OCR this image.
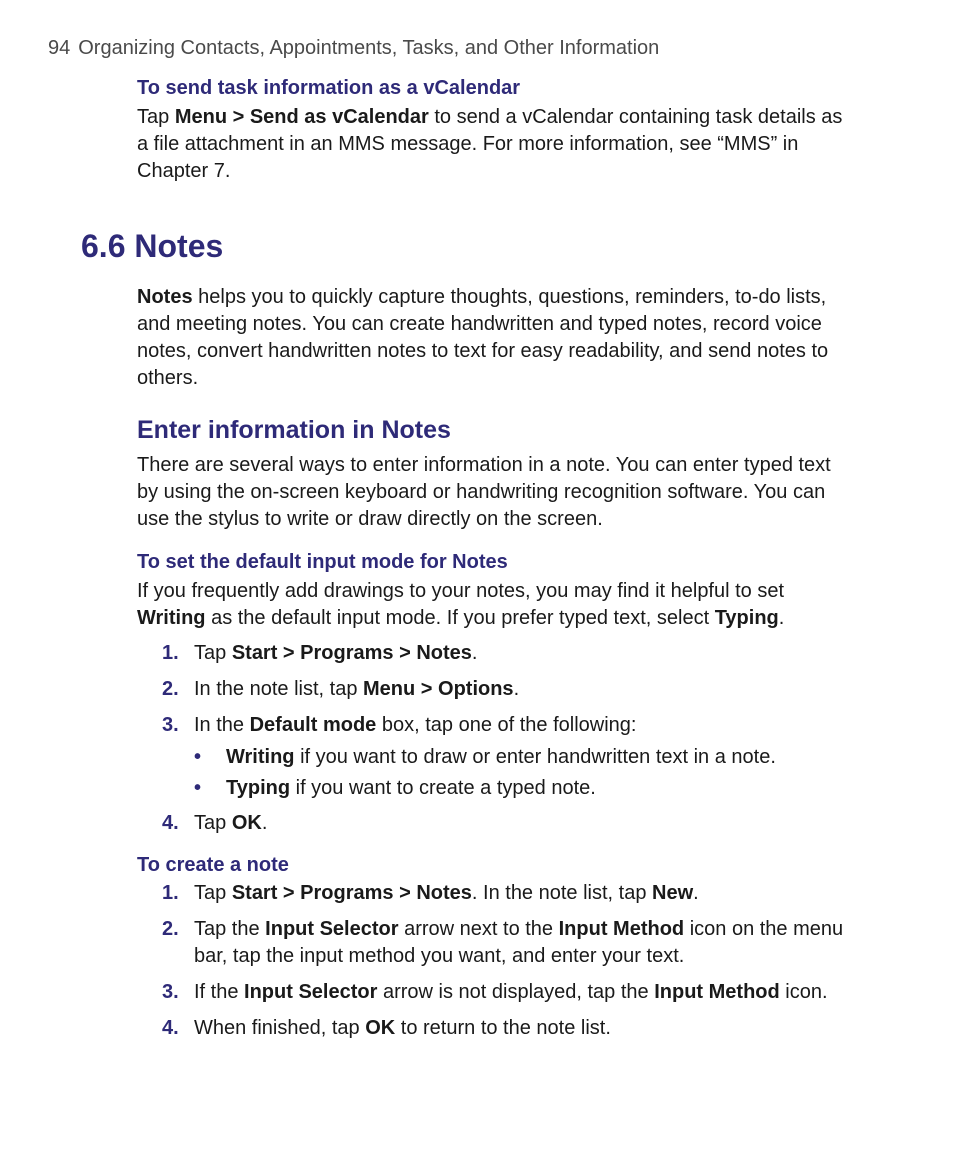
94 Organizing Contacts, Appointments, Tasks, and Other Information
To send task information as a vCalendar
Tap Menu > Send as vCalendar to send a vCalendar containing task details as a file attachment in an MMS message. For more information, see “MMS” in Chapter 7.
6.6 Notes
Notes helps you to quickly capture thoughts, questions, reminders, to-do lists, and meeting notes. You can create handwritten and typed notes, record voice notes, convert handwritten notes to text for easy readability, and send notes to others.
Enter information in Notes
There are several ways to enter information in a note. You can enter typed text by using the on-screen keyboard or handwriting recognition software. You can use the stylus to write or draw directly on the screen.
To set the default input mode for Notes
If you frequently add drawings to your notes, you may find it helpful to set Writing as the default input mode. If you prefer typed text, select Typing.
1. Tap Start > Programs > Notes.
2. In the note list, tap Menu > Options.
3. In the Default mode box, tap one of the following:
•	Writing if you want to draw or enter handwritten text in a note.
•	Typing if you want to create a typed note.
4. Tap OK.
To create a note
1. Tap Start > Programs > Notes. In the note list, tap New.
2. Tap the Input Selector arrow next to the Input Method icon on the menu bar, tap the input method you want, and enter your text.
3. If the Input Selector arrow is not displayed, tap the Input Method icon.
4. When finished, tap OK to return to the note list.
